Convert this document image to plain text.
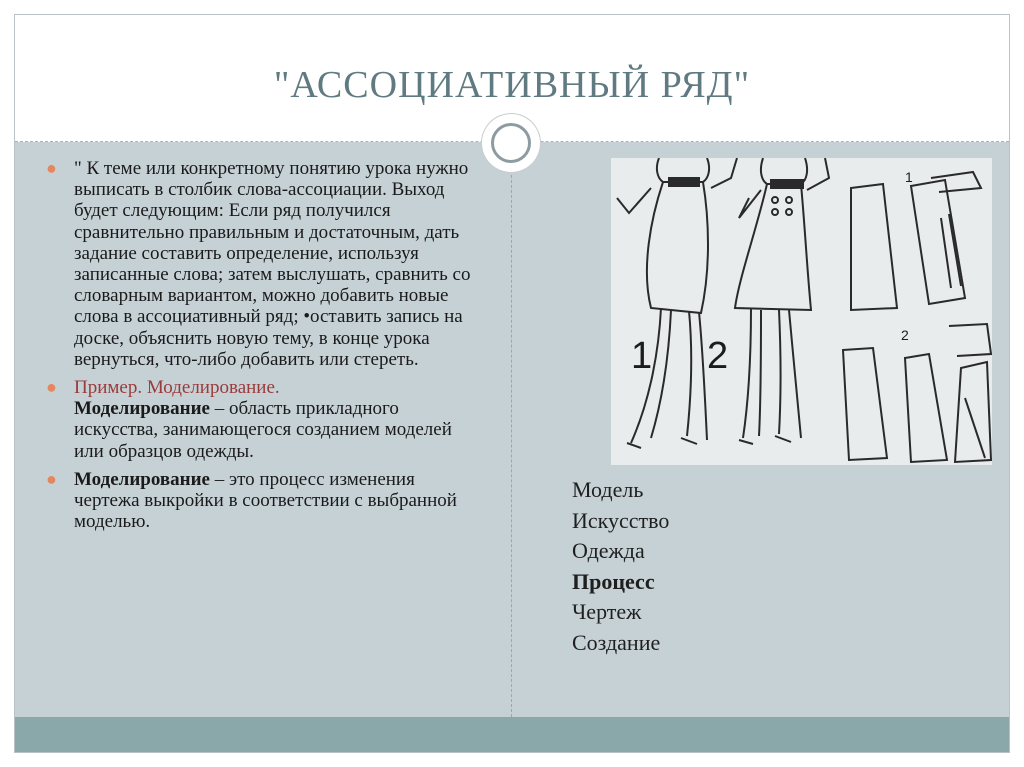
"АССОЦИАТИВНЫЙ РЯД"
● " К теме или конкретному понятию урока нужно выписать в столбик слова-ассоциации. Выход будет следующим: Если ряд получился сравнительно правильным и достаточным, дать задание составить определение, используя записанные слова; затем выслушать, сравнить со словарным вариантом, можно добавить новые слова в ассоциативный ряд; •оставить запись на доске, объяснить новую тему, в конце урока вернуться, что-либо добавить или стереть.
● Пример. Моделирование.
Моделирование – область прикладного искусства, занимающегося созданием моделей или образцов одежды.
● Моделирование – это процесс изменения чертежа выкройки в соответствии с выбранной моделью.
1 2
1
2
Модель
Искусство
Одежда
Процесс
Чертеж
Создание
